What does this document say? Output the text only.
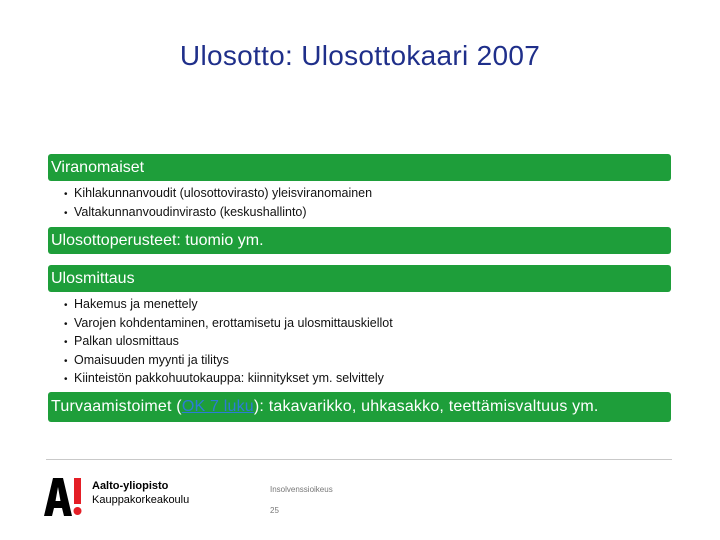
Ulosotto: Ulosottokaari 2007
Viranomaiset
• Kihlakunnanvoudit (ulosottovirasto) yleisviranomainen
• Valtakunnanvoudinvirasto (keskushallinto)
Ulosottoperusteet: tuomio ym.
Ulosmittaus
• Hakemus ja menettely
• Varojen kohdentaminen, erottamisetu ja ulosmittauskiellot
• Palkan ulosmittaus
• Omaisuuden myynti ja tilitys
• Kiinteistön pakkohuutokauppa: kiinnitykset ym. selvittely
Turvaamistoimet (OK 7 luku): takavarikko, uhkasakko, teettämisvaltuus ym.
Aalto-yliopisto
Kauppakorkeakoulu
Insolvenssioikeus
25
